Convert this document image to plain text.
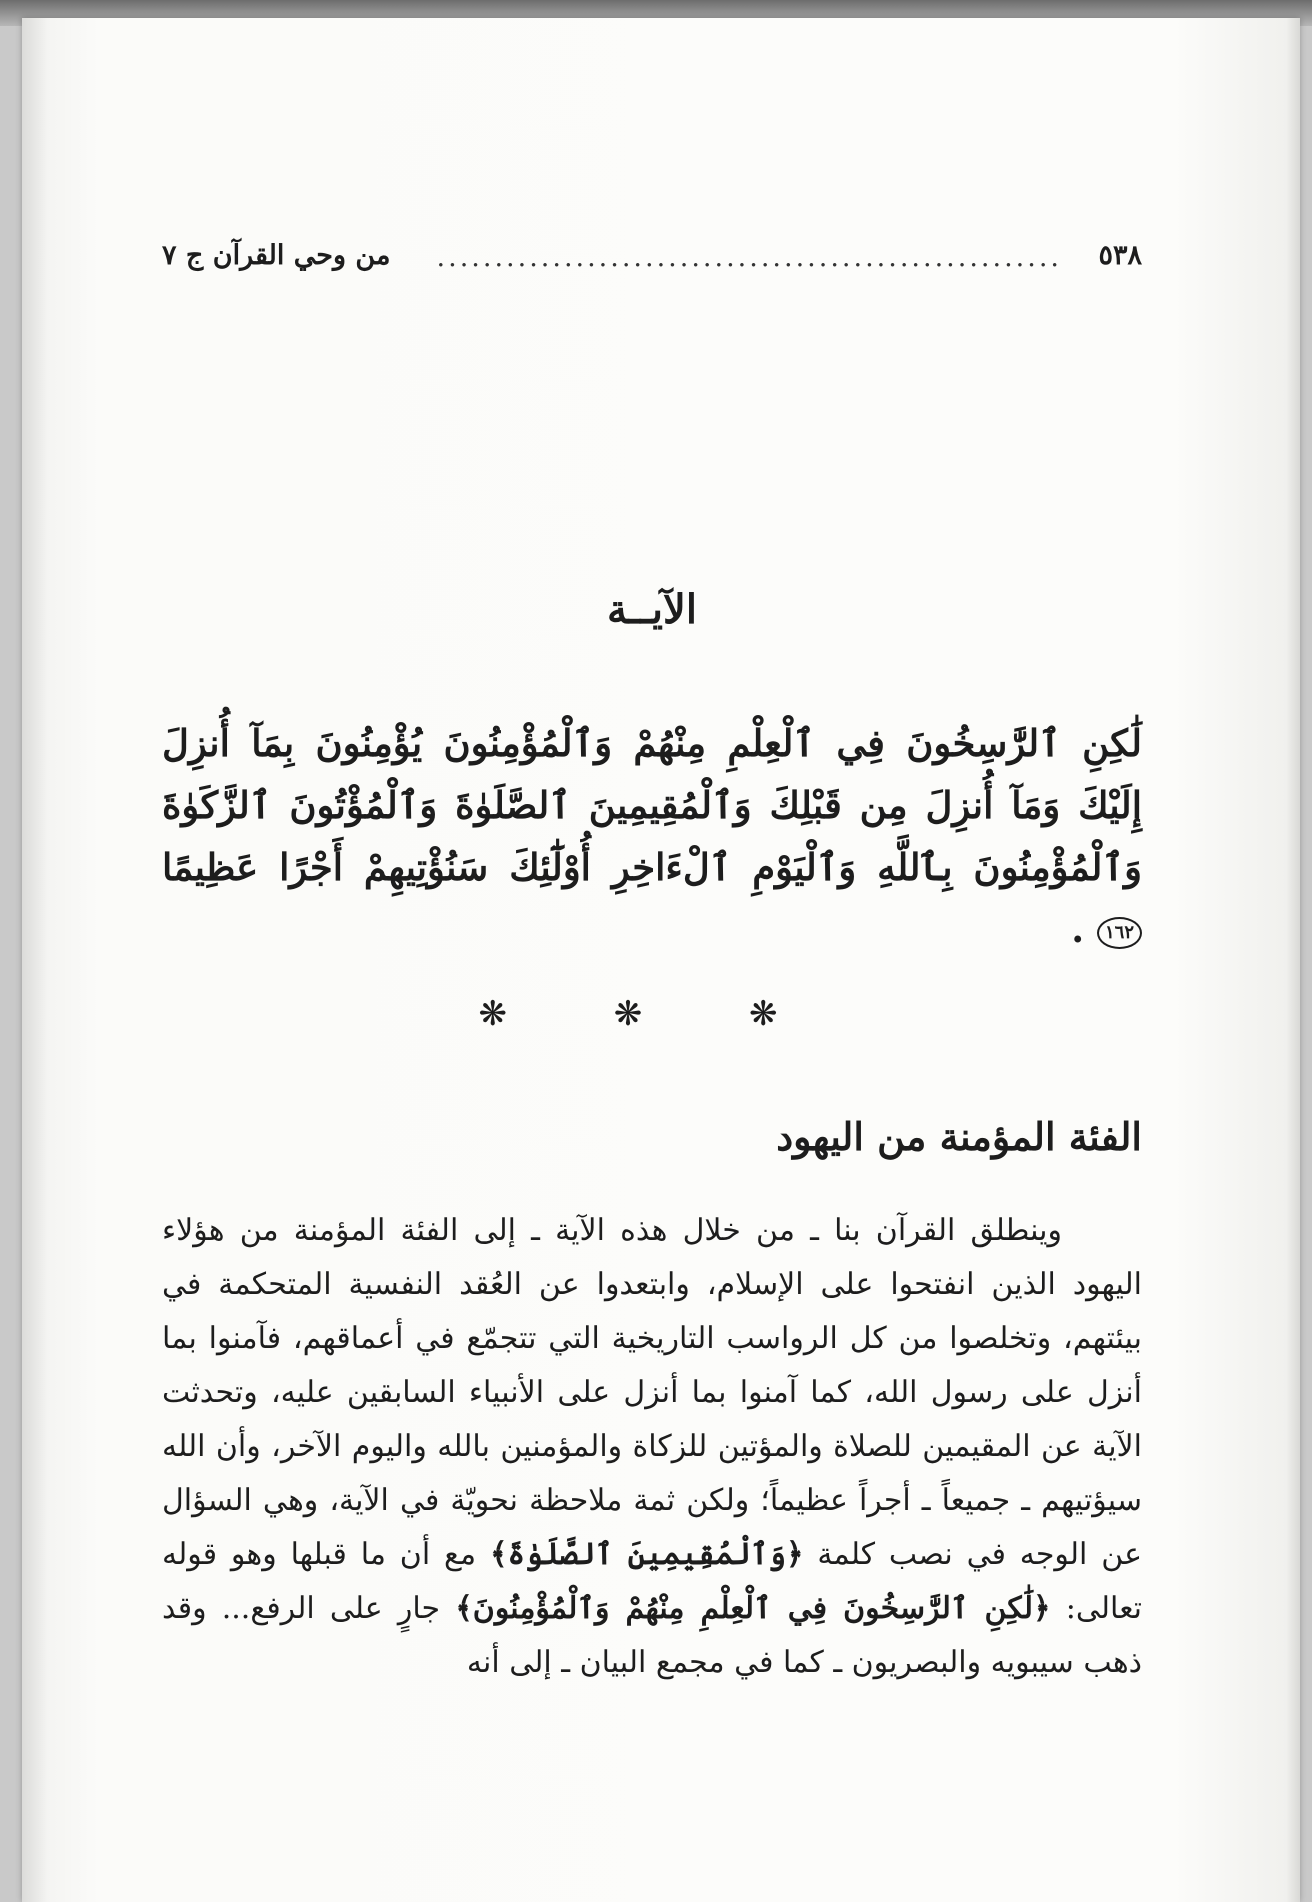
٥٣٨
......................................................
من وحي القرآن ج ٧
الآيــة
لَٰكِنِ ٱلرَّٰسِخُونَ فِي ٱلْعِلْمِ مِنْهُمْ وَٱلْمُؤْمِنُونَ يُؤْمِنُونَ بِمَآ أُنزِلَ إِلَيْكَ وَمَآ أُنزِلَ مِن قَبْلِكَ وَٱلْمُقِيمِينَ ٱلصَّلَوٰةَ وَٱلْمُؤْتُونَ ٱلزَّكَوٰةَ وَٱلْمُؤْمِنُونَ بِٱللَّهِ وَٱلْيَوْمِ ٱلْءَاخِرِ أُوْلَٰٓئِكَ سَنُؤْتِيهِمْ أَجْرًا عَظِيمًا ١٦٢ .
❋ ❋ ❋
الفئة المؤمنة من اليهود
وينطلق القرآن بنا ـ من خلال هذه الآية ـ إلى الفئة المؤمنة من هؤلاء اليهود الذين انفتحوا على الإسلام، وابتعدوا عن العُقد النفسية المتحكمة في بيئتهم، وتخلصوا من كل الرواسب التاريخية التي تتجمّع في أعماقهم، فآمنوا بما أنزل على رسول الله، كما آمنوا بما أنزل على الأنبياء السابقين عليه، وتحدثت الآية عن المقيمين للصلاة والمؤتين للزكاة والمؤمنين بالله واليوم الآخر، وأن الله سيؤتيهم ـ جميعاً ـ أجراً عظيماً؛ ولكن ثمة ملاحظة نحويّة في الآية، وهي السؤال عن الوجه في نصب كلمة ﴿وَٱلْمُقِيمِينَ ٱلصَّلَوٰةَ﴾ مع أن ما قبلها وهو قوله تعالى: ﴿لَٰكِنِ ٱلرَّٰسِخُونَ فِي ٱلْعِلْمِ مِنْهُمْ وَٱلْمُؤْمِنُونَ﴾ جارٍ على الرفع... وقد ذهب سيبويه والبصريون ـ كما في مجمع البيان ـ إلى أنه
